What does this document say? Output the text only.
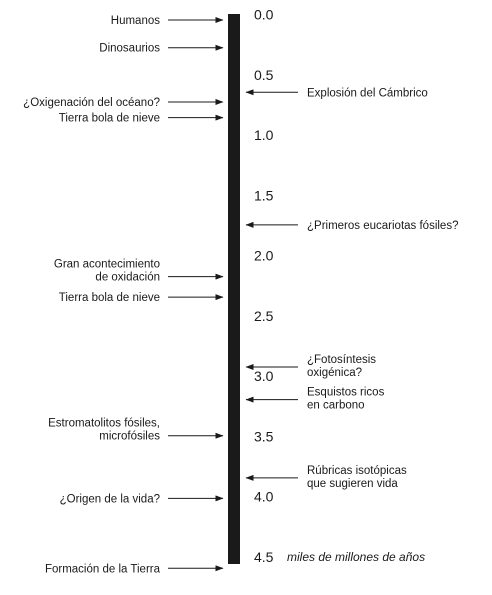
0.0
0.5
1.0
1.5
2.0
2.5
3.0
3.5
4.0
4.5
Humanos
Dinosaurios
¿Oxigenación del océano?
Tierra bola de nieve
Gran acontecimiento
de oxidación
Tierra bola de nieve
Estromatolitos fósiles,
microfósiles
¿Origen de la vida?
Formación de la Tierra
Explosión del Cámbrico
¿Primeros eucariotas fósiles?
¿Fotosíntesis
oxigénica?
Esquistos ricos
en carbono
Rúbricas isotópicas
que sugieren vida
miles de millones de años
